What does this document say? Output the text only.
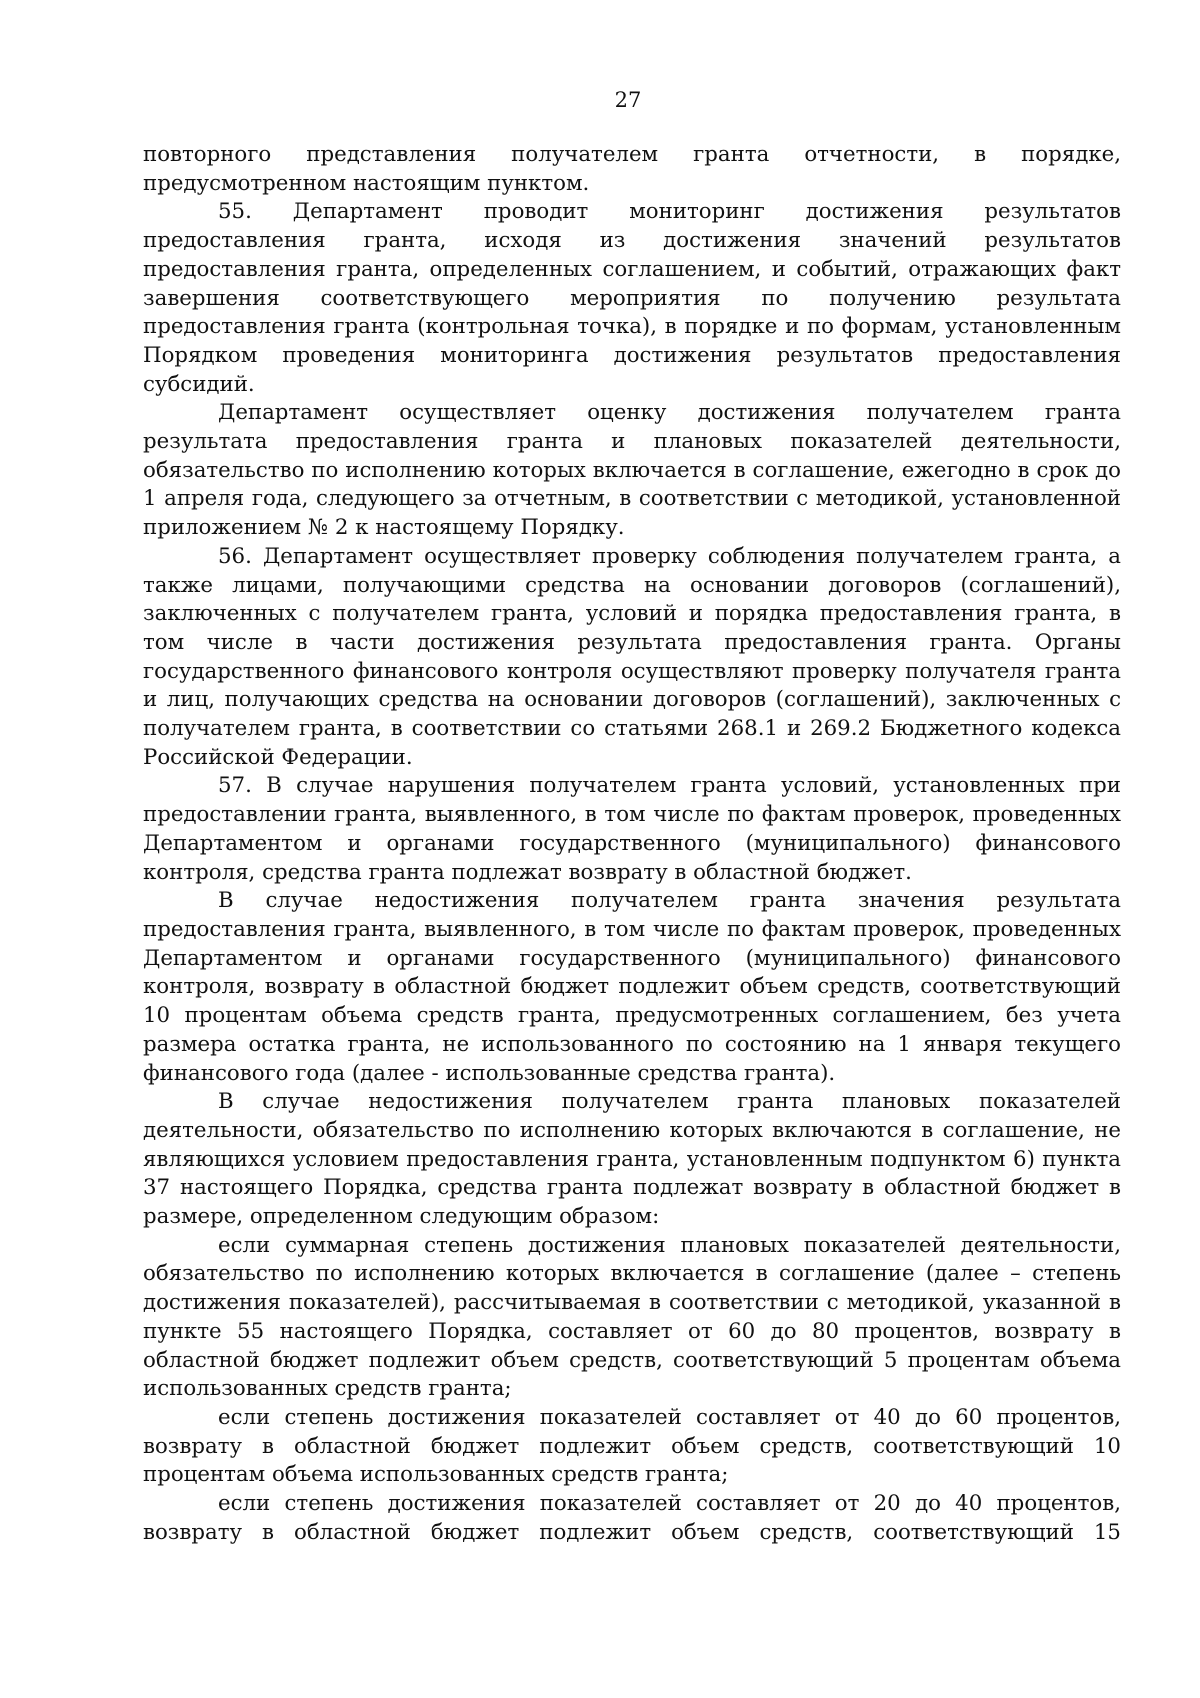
27

повторного представления получателем гранта отчетности, в порядке, предусмотренном настоящим пунктом.

55. Департамент проводит мониторинг достижения результатов предоставления гранта, исходя из достижения значений результатов предоставления гранта, определенных соглашением, и событий, отражающих факт завершения соответствующего мероприятия по получению результата предоставления гранта (контрольная точка), в порядке и по формам, установленным Порядком проведения мониторинга достижения результатов предоставления субсидий.

Департамент осуществляет оценку достижения получателем гранта результата предоставления гранта и плановых показателей деятельности, обязательство по исполнению которых включается в соглашение, ежегодно в срок до 1 апреля года, следующего за отчетным, в соответствии с методикой, установленной приложением № 2 к настоящему Порядку.

56. Департамент осуществляет проверку соблюдения получателем гранта, а также лицами, получающими средства на основании договоров (соглашений), заключенных с получателем гранта, условий и порядка предоставления гранта, в том числе в части достижения результата предоставления гранта. Органы государственного финансового контроля осуществляют проверку получателя гранта и лиц, получающих средства на основании договоров (соглашений), заключенных с получателем гранта, в соответствии со статьями 268.1 и 269.2 Бюджетного кодекса Российской Федерации.

57. В случае нарушения получателем гранта условий, установленных при предоставлении гранта, выявленного, в том числе по фактам проверок, проведенных Департаментом и органами государственного (муниципального) финансового контроля, средства гранта подлежат возврату в областной бюджет.

В случае недостижения получателем гранта значения результата предоставления гранта, выявленного, в том числе по фактам проверок, проведенных Департаментом и органами государственного (муниципального) финансового контроля, возврату в областной бюджет подлежит объем средств, соответствующий 10 процентам объема средств гранта, предусмотренных соглашением, без учета размера остатка гранта, не использованного по состоянию на 1 января текущего финансового года (далее - использованные средства гранта).

В случае недостижения получателем гранта плановых показателей деятельности, обязательство по исполнению которых включаются в соглашение, не являющихся условием предоставления гранта, установленным подпунктом 6) пункта 37 настоящего Порядка, средства гранта подлежат возврату в областной бюджет в размере, определенном следующим образом:

если суммарная степень достижения плановых показателей деятельности, обязательство по исполнению которых включается в соглашение (далее – степень достижения показателей), рассчитываемая в соответствии с методикой, указанной в пункте 55 настоящего Порядка, составляет от 60 до 80 процентов, возврату в областной бюджет подлежит объем средств, соответствующий 5 процентам объема использованных средств гранта;

если степень достижения показателей составляет от 40 до 60 процентов, возврату в областной бюджет подлежит объем средств, соответствующий 10 процентам объема использованных средств гранта;

если степень достижения показателей составляет от 20 до 40 процентов, возврату в областной бюджет подлежит объем средств, соответствующий 15
